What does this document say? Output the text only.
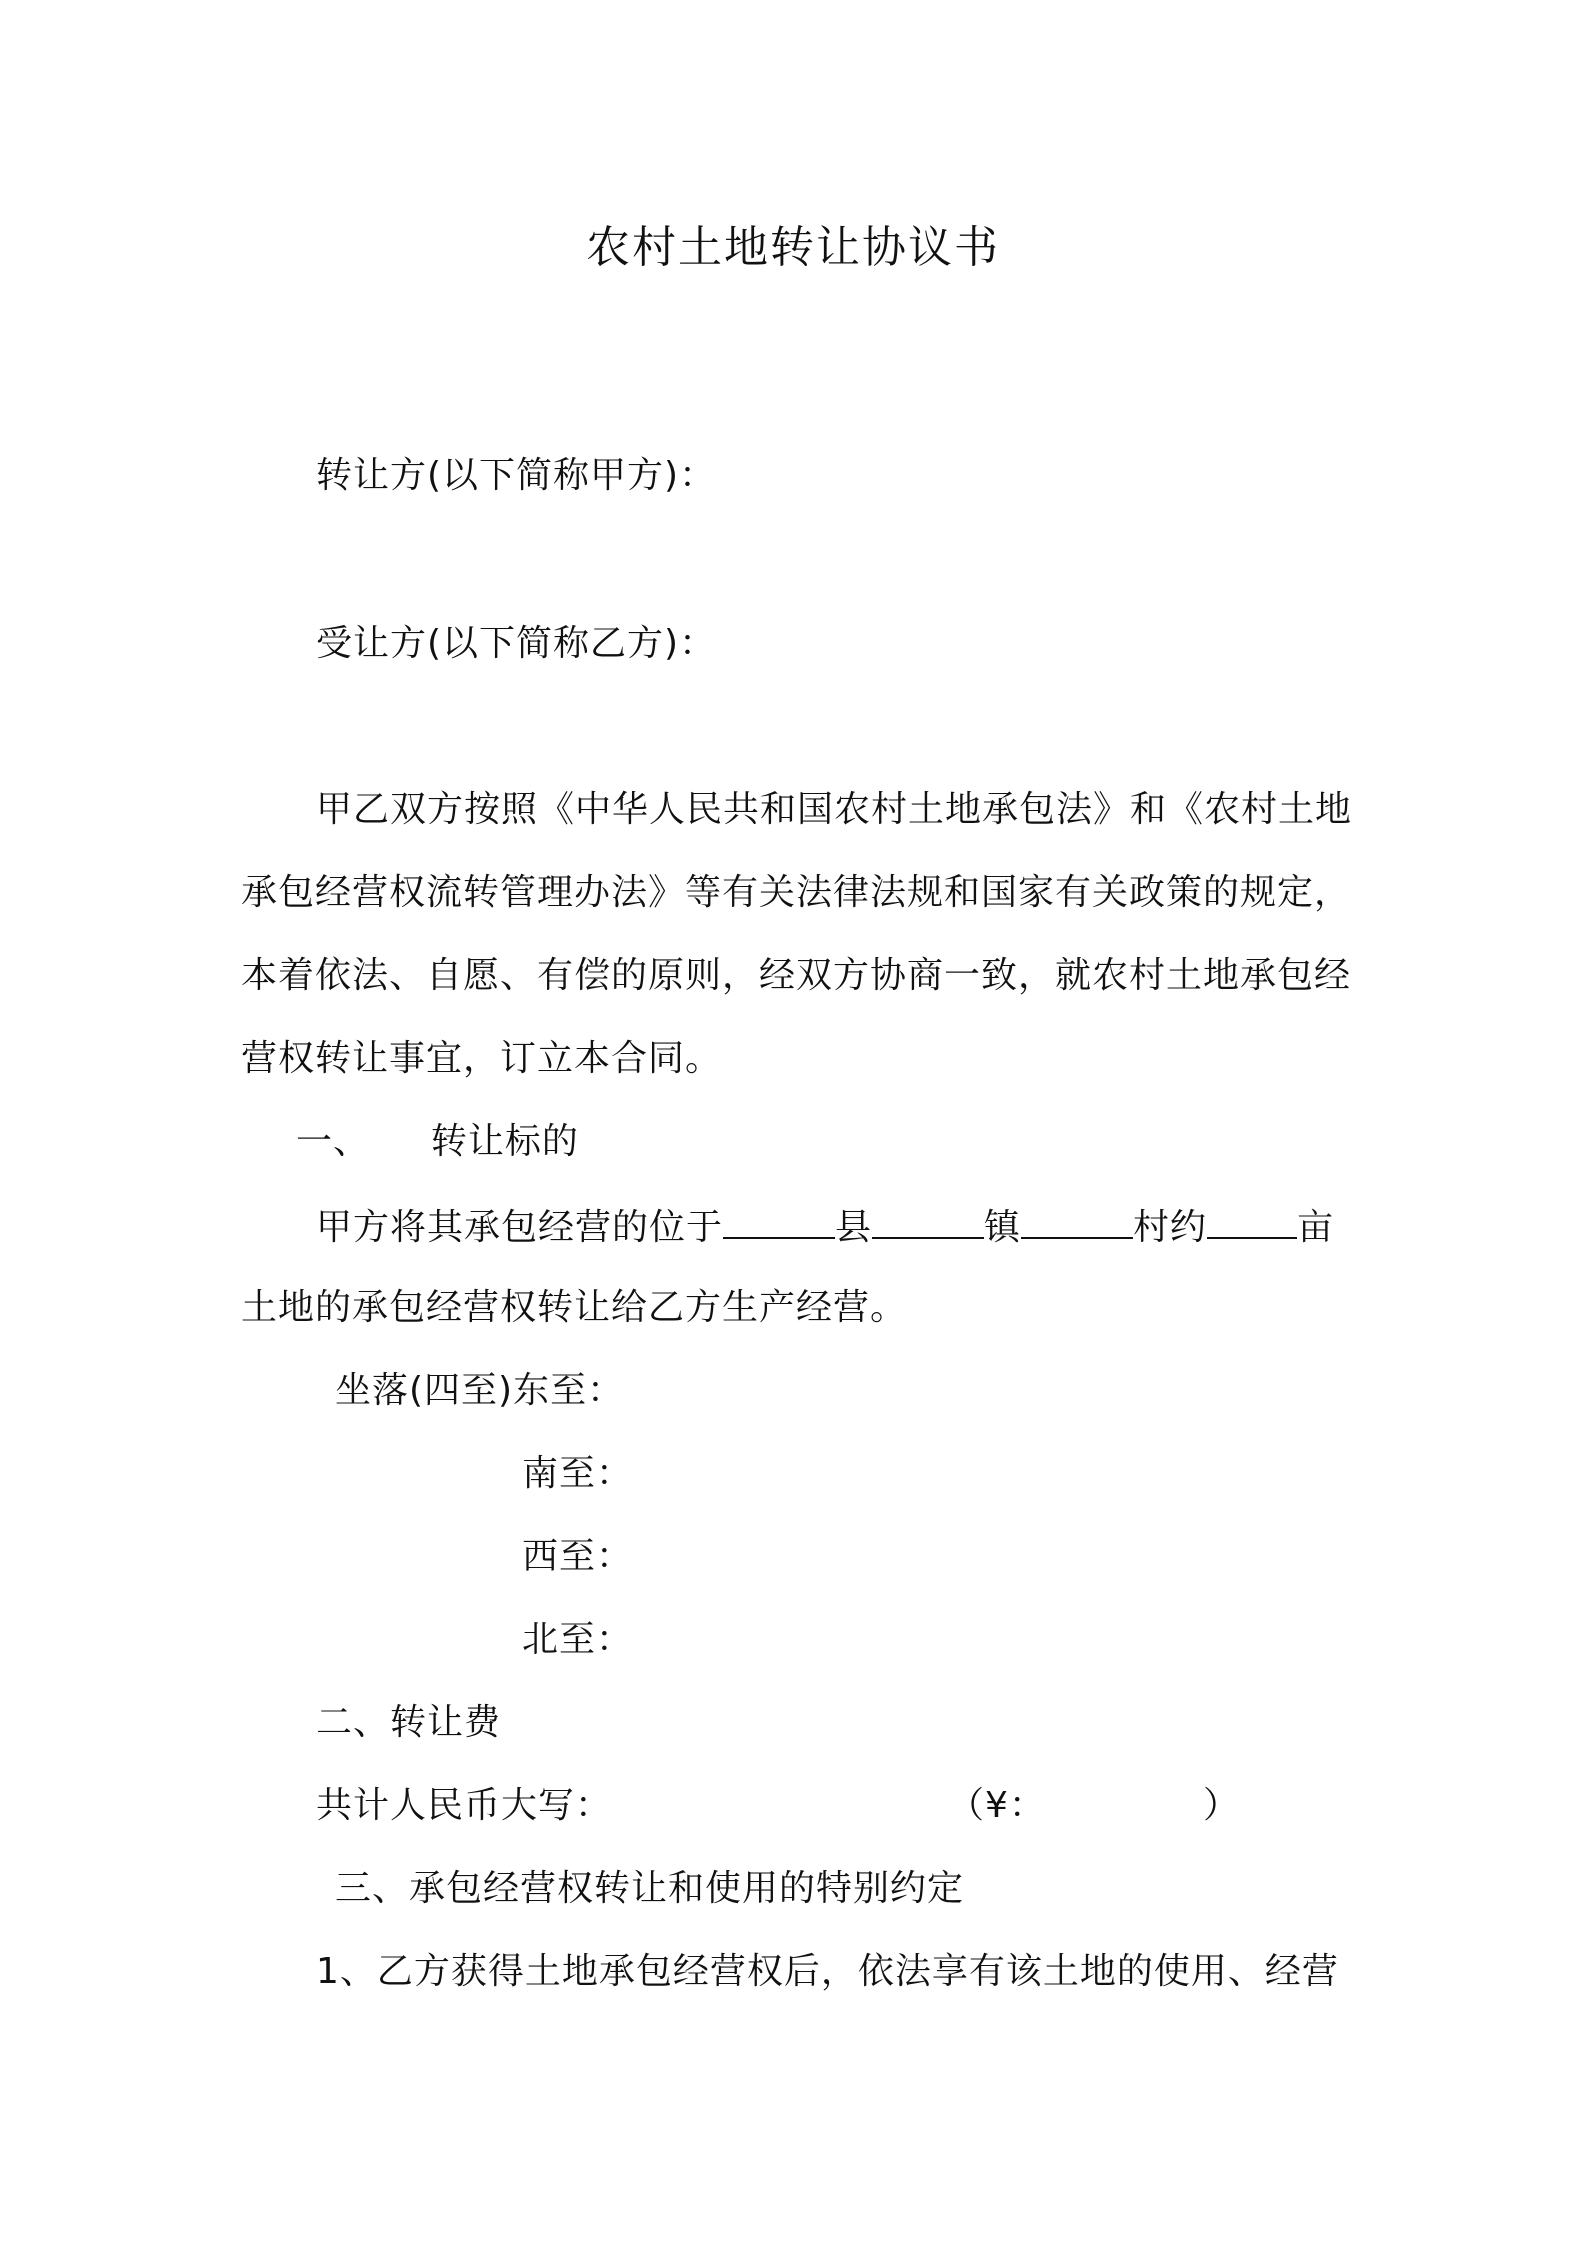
农村土地转让协议书
转让方(以下简称甲方)：
受让方(以下简称乙方)：
甲乙双方按照《中华人民共和国农村土地承包法》和《农村土地
承包经营权流转管理办法》等有关法律法规和国家有关政策的规定，
本着依法、自愿、有偿的原则，经双方协商一致，就农村土地承包经
营权转让事宜，订立本合同。
一、 转让标的
甲方将其承包经营的位于	县	镇	村约	亩
土地的承包经营权转让给乙方生产经营。
坐落(四至)东至：
南至：
西至：
北至：
二、转让费
共计人民币大写：	（¥：	）
三、承包经营权转让和使用的特别约定
1、乙方获得土地承包经营权后，依法享有该土地的使用、经营
